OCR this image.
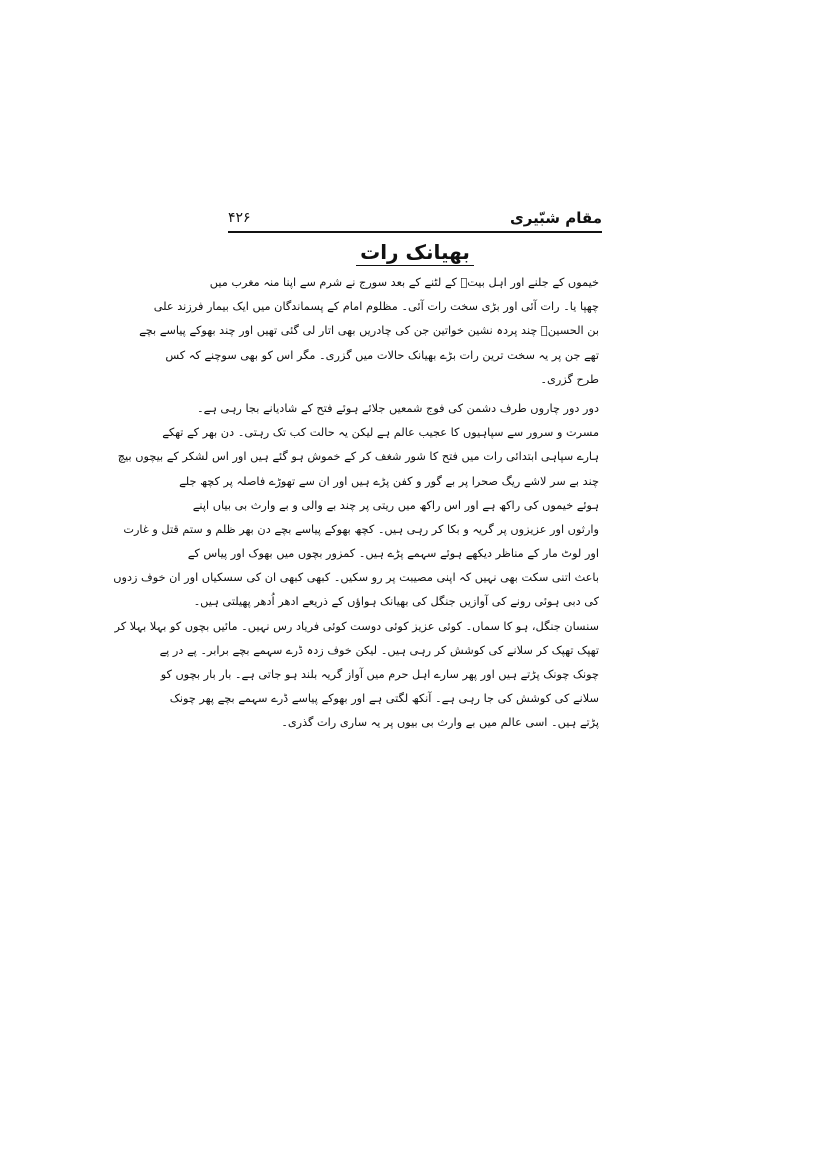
مقام شبّیری
۴۲۶
بھیانک رات
خیموں کے جلنے اور اہل بیتؑ کے لٹنے کے بعد سورج نے شرم سے اپنا منہ مغرب میں
چھپا یا۔ رات آئی اور بڑی سخت رات آئی۔ مظلوم امام کے پسماندگان میں ایک بیمار فرزند علی
بن الحسینؑ چند پردہ نشین خواتین جن کی چادریں بھی اتار لی گئی تھیں اور چند بھوکے پیاسے بچے
تھے جن پر یہ سخت ترین رات بڑے بھیانک حالات میں گزری۔ مگر اس کو بھی سوچنے کہ کس
طرح گزری۔
دور دور چاروں طرف دشمن کی فوج شمعیں جلائے ہوئے فتح کے شادیانے بجا رہی ہے۔
مسرت و سرور سے سپاہیوں کا عجیب عالم ہے لیکن یہ حالت کب تک رہتی۔ دن بھر کے تھکے
ہارے سپاہی ابتدائی رات میں فتح کا شور شغف کر کے خموش ہو گئے ہیں اور اس لشکر کے بیچوں بیچ
چند بے سر لاشے ریگ صحرا پر بے گور و کفن پڑے ہیں اور ان سے تھوڑے فاصلہ پر کچھ جلے
ہوئے خیموں کی راکھ ہے اور اس راکھ میں ریتی پر چند بے والی و بے وارث بی بیاں اپنے
وارثوں اور عزیزوں پر گریہ و بکا کر رہی ہیں۔ کچھ بھوکے پیاسے بچے دن بھر ظلم و ستم قتل و غارت
اور لوٹ مار کے مناظر دیکھے ہوئے سہمے پڑے ہیں۔ کمزور بچوں میں بھوک اور پیاس کے
باعث اتنی سکت بھی نہیں کہ اپنی مصیبت پر رو سکیں۔ کبھی کبھی ان کی سسکیاں اور ان خوف زدوں
کی دبی ہوئی رونے کی آوازیں جنگل کی بھیانک ہواؤں کے ذریعے ادھر اُدھر پھیلتی ہیں۔
سنسان جنگل، ہو کا سماں۔ کوئی عزیز کوئی دوست کوئی فریاد رس نہیں۔ مائیں بچوں کو بہلا بہلا کر
تھپک تھپک کر سلانے کی کوشش کر رہی ہیں۔ لیکن خوف زدہ ڈرے سہمے بچے برابر۔ پے در پے
چونک چونک پڑتے ہیں اور پھر سارے اہل حرم میں آواز گریہ بلند ہو جاتی ہے۔ بار بار بچوں کو
سلانے کی کوشش کی جا رہی ہے۔ آنکھ لگتی ہے اور بھوکے پیاسے ڈرے سہمے بچے پھر چونک
پڑتے ہیں۔ اسی عالم میں بے وارث بی بیوں پر یہ ساری رات گذری۔
